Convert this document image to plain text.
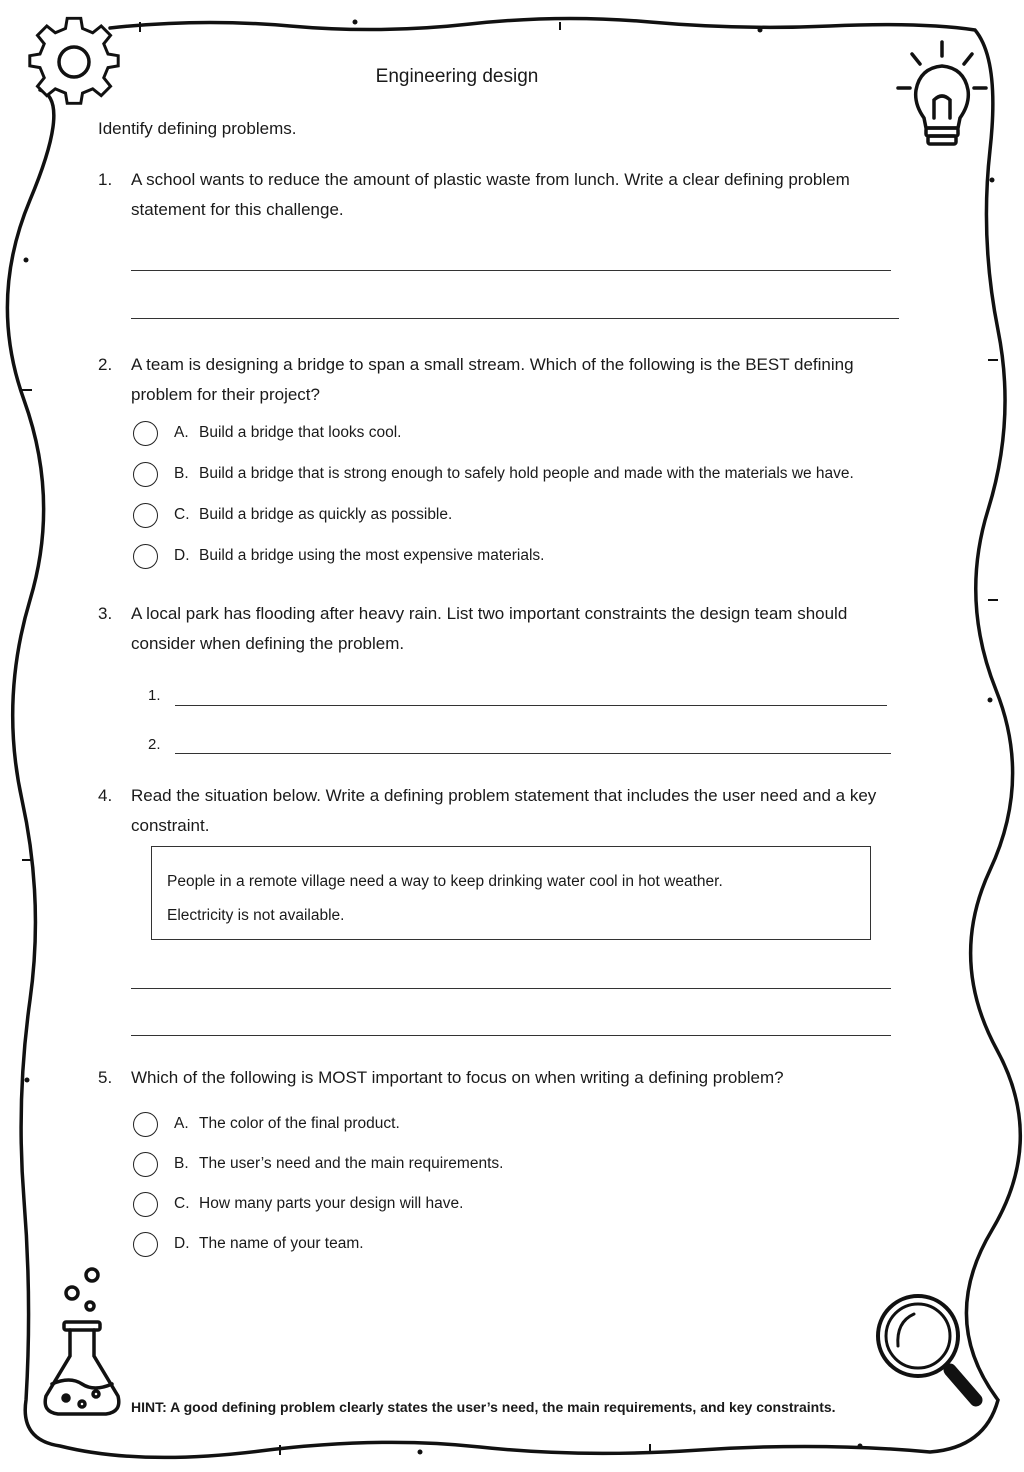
Engineering design
Identify defining problems.
1. A school wants to reduce the amount of plastic waste from lunch. Write a clear defining problem statement for this challenge.
2. A team is designing a bridge to span a small stream. Which of the following is the BEST defining problem for their project?
A. Build a bridge that looks cool.
B. Build a bridge that is strong enough to safely hold people and made with the materials we have.
C. Build a bridge as quickly as possible.
D. Build a bridge using the most expensive materials.
3. A local park has flooding after heavy rain. List two important constraints the design team should consider when defining the problem.
1.
2.
4. Read the situation below. Write a defining problem statement that includes the user need and a key constraint.

People in a remote village need a way to keep drinking water cool in hot weather.

Electricity is not available.

5. Which of the following is MOST important to focus on when writing a defining problem?
A. The color of the final product.
B. The user’s need and the main requirements.
C. How many parts your design will have.
D. The name of your team.
HINT: A good defining problem clearly states the user’s need, the main requirements, and key constraints.
